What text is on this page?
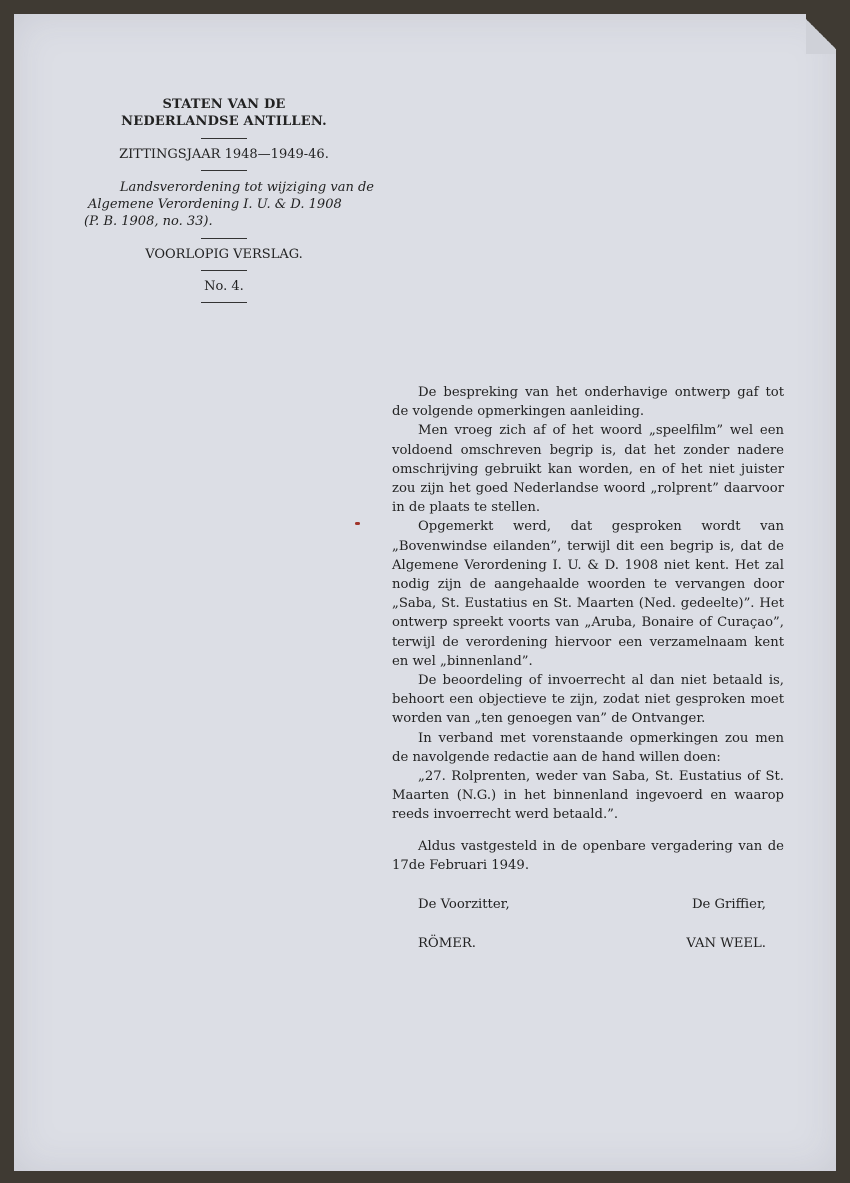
STATEN VAN DE
NEDERLANDSE ANTILLEN.
ZITTINGSJAAR 1948—1949-46.
Landsverordening tot wijziging van de
Algemene Verordening I. U. & D. 1908
(P. B. 1908, no. 33).
VOORLOPIG VERSLAG.
No. 4.

De bespreking van het onderhavige ontwerp gaf tot de volgende opmerkingen aanleiding.

Men vroeg zich af of het woord „speelfilm” wel een voldoend omschreven begrip is, dat het zonder nadere omschrijving gebruikt kan worden, en of het niet juister zou zijn het goed Nederlandse woord „rolprent” daarvoor in de plaats te stellen.

Opgemerkt werd, dat gesproken wordt van „Bovenwindse eilanden”, terwijl dit een begrip is, dat de Algemene Verordening I. U. & D. 1908 niet kent. Het zal nodig zijn de aangehaalde woorden te vervangen door „Saba, St. Eustatius en St. Maarten (Ned. gedeelte)”. Het ontwerp spreekt voorts van „Aruba, Bonaire of Curaçao”, terwijl de verordening hiervoor een verzamelnaam kent en wel „binnenland”.

De beoordeling of invoerrecht al dan niet betaald is, behoort een objectieve te zijn, zodat niet gesproken moet worden van „ten genoegen van” de Ontvanger.

In verband met vorenstaande opmerkingen zou men de navolgende redactie aan de hand willen doen:

„27. Rolprenten, weder van Saba, St. Eustatius of St. Maarten (N.G.) in het binnenland ingevoerd en waarop reeds invoerrecht werd betaald.”.

Aldus vastgesteld in de openbare vergadering van de 17de Februari 1949.

De Voorzitter,	De Griffier,
RÖMER.	VAN WEEL.
